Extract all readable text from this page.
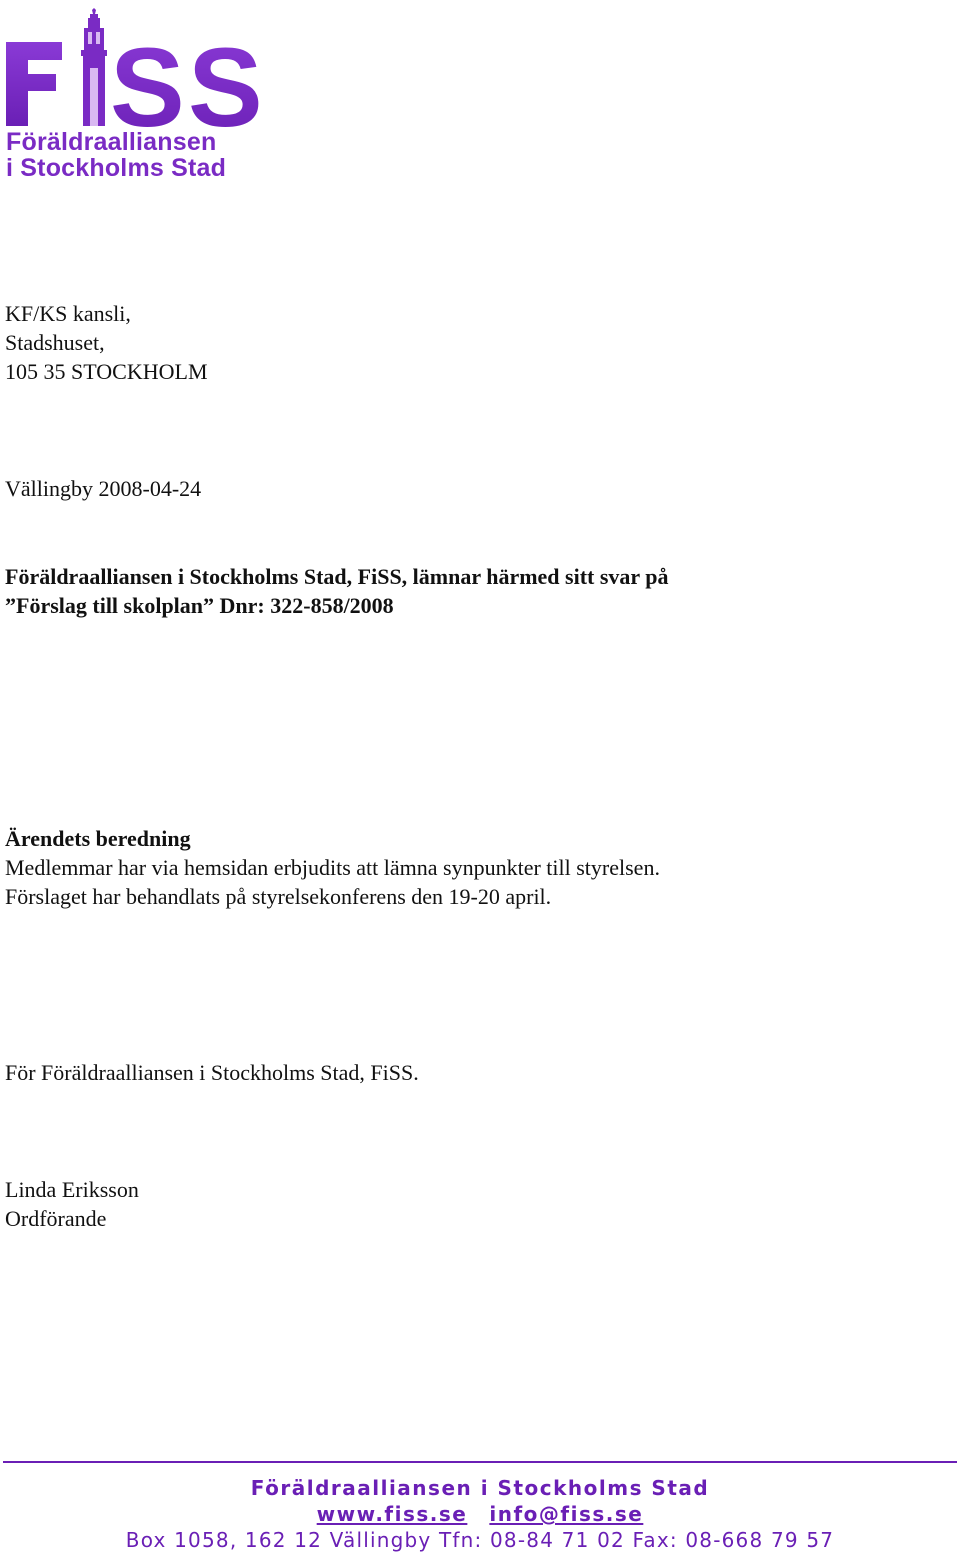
S S
Föräldraalliansen
i Stockholms Stad
KF/KS kansli,
Stadshuset,
105 35 STOCKHOLM
Vällingby 2008-04-24
Föräldraalliansen i Stockholms Stad, FiSS, lämnar härmed sitt svar på
”Förslag till skolplan” Dnr: 322-858/2008
Ärendets beredning
Medlemmar har via hemsidan erbjudits att lämna synpunkter till styrelsen.
Förslaget har behandlats på styrelsekonferens den 19-20 april.
För Föräldraalliansen i Stockholms Stad, FiSS.
Linda Eriksson
Ordförande
Föräldraalliansen i Stockholms Stad
www.fiss.se info@fiss.se
Box 1058, 162 12 Vällingby Tfn: 08-84 71 02 Fax: 08-668 79 57
